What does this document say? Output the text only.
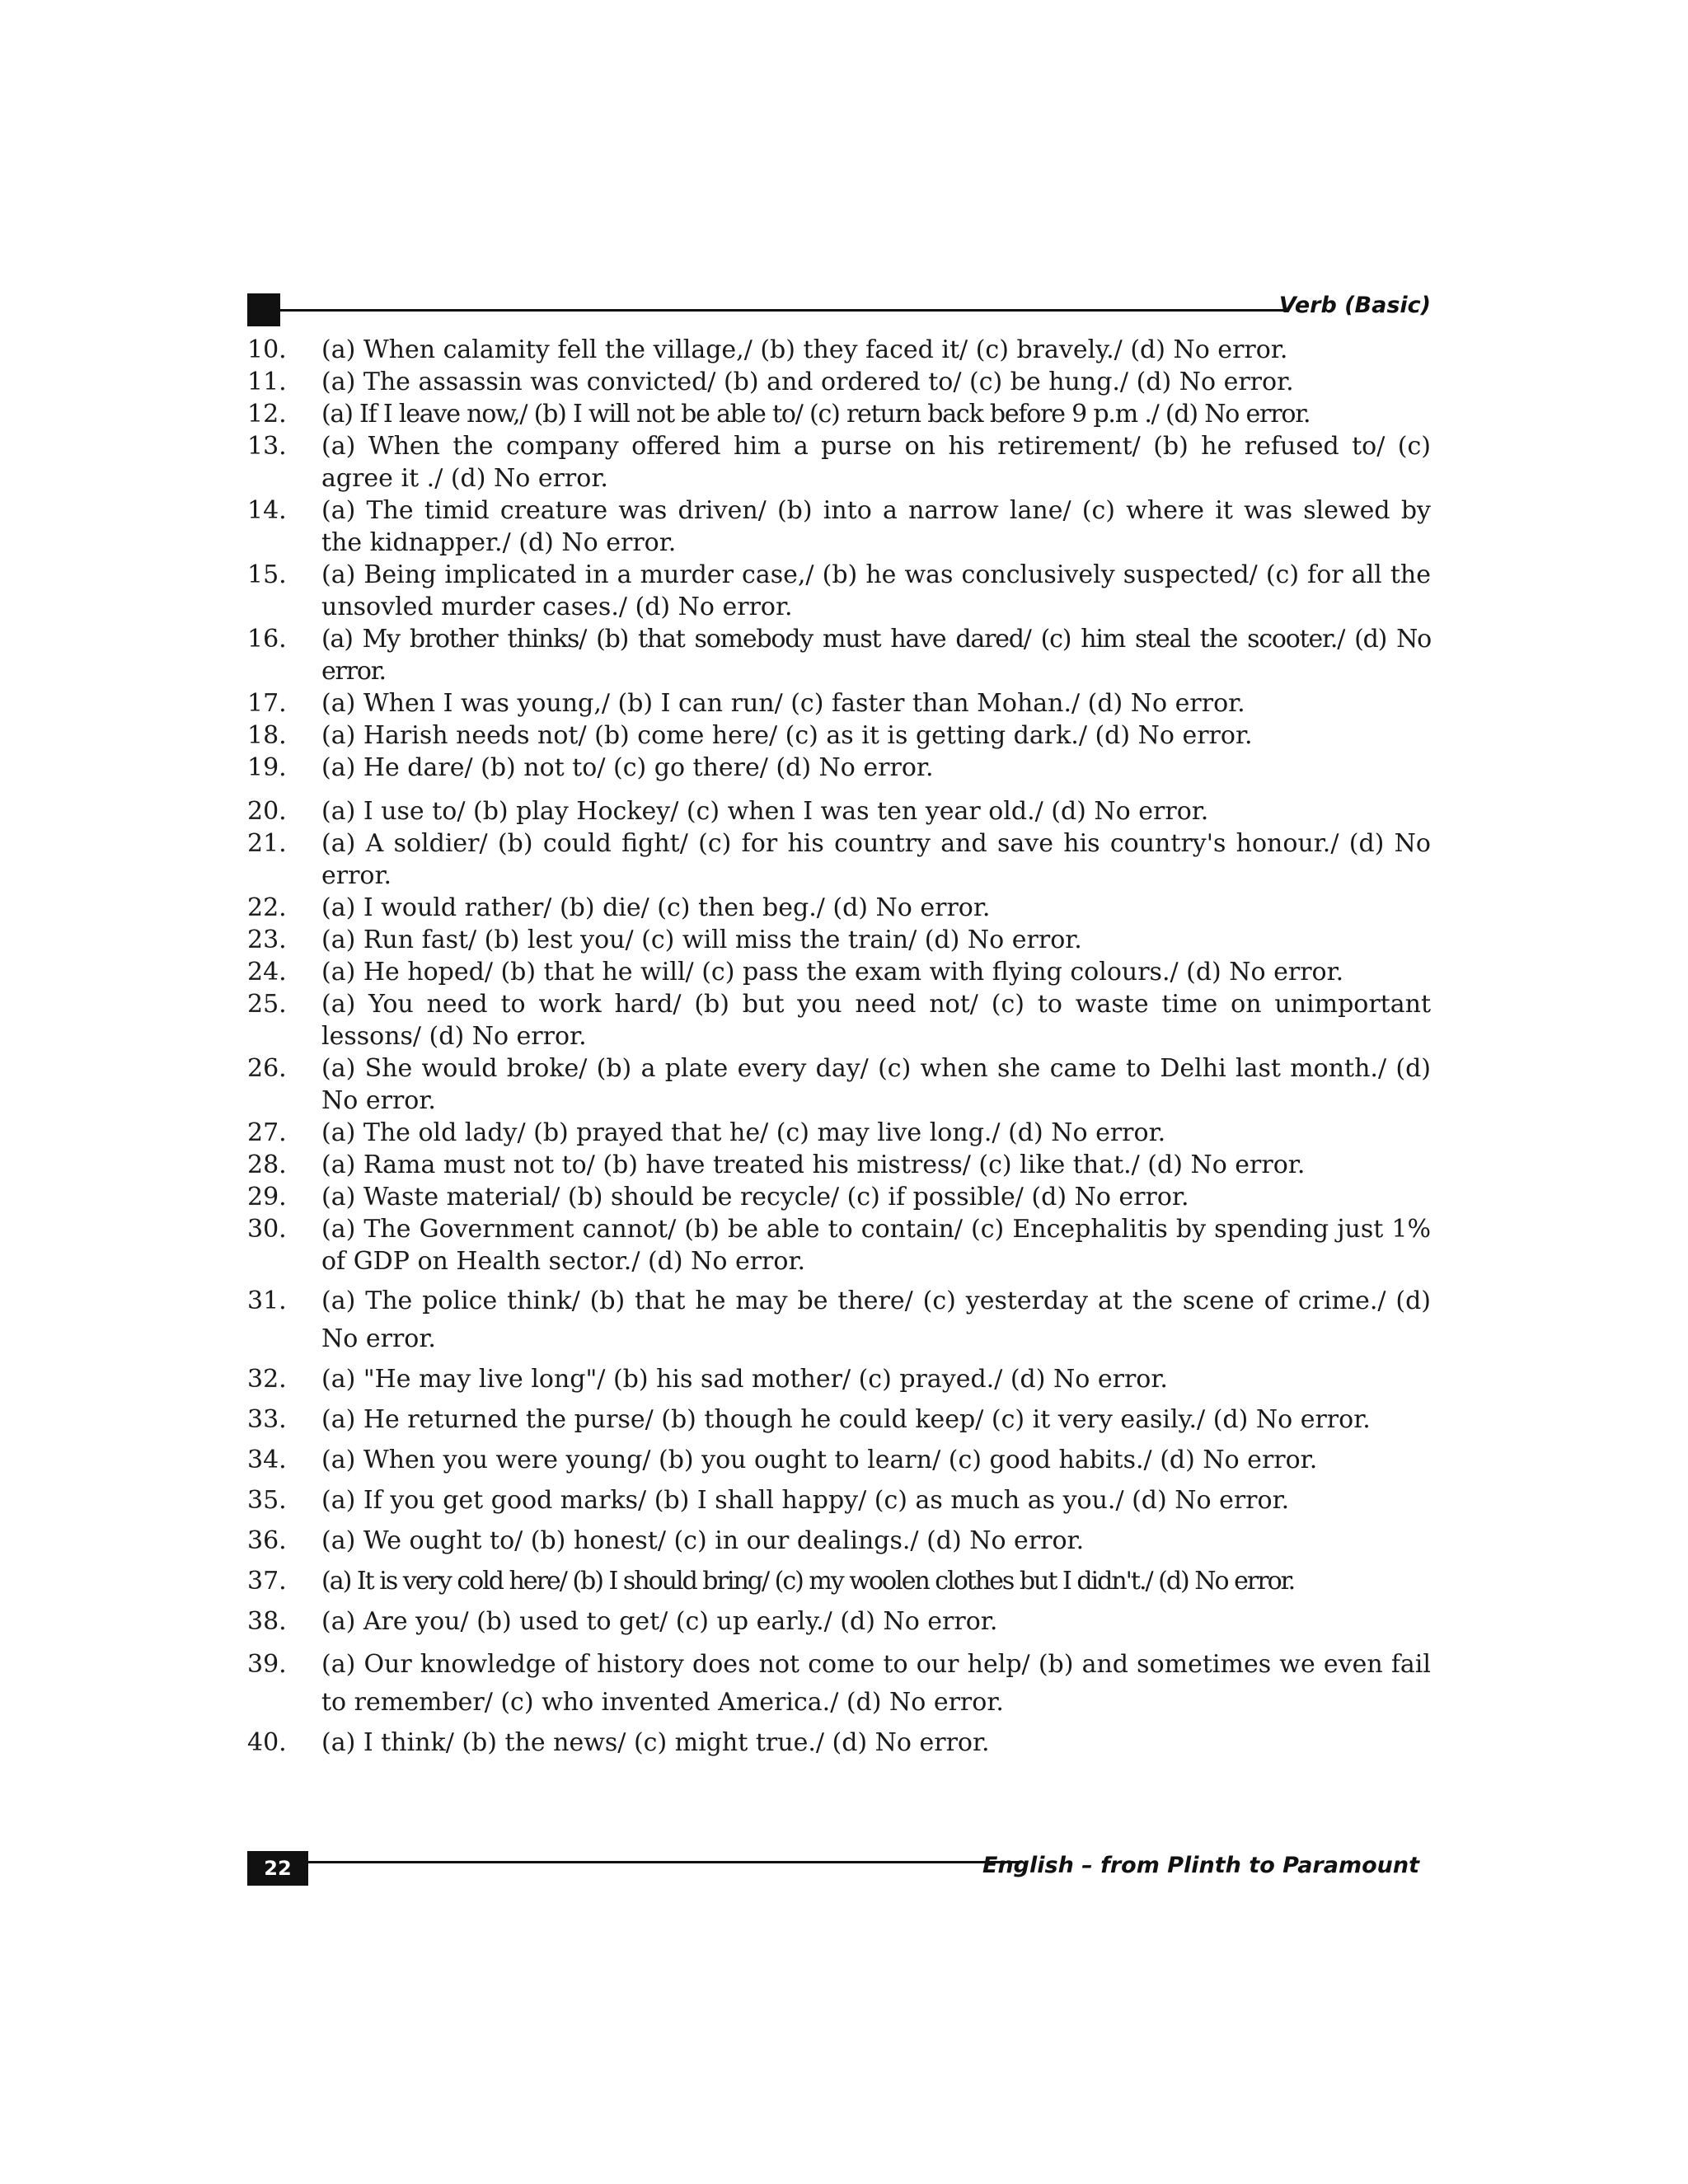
Verb (Basic)
10.	(a) When calamity fell the village,/ (b) they faced it/ (c) bravely./ (d) No error.
11.	(a) The assassin was convicted/ (b) and ordered to/ (c) be hung./ (d) No error.
12.	(a) If I leave now,/ (b) I will not be able to/ (c) return back before 9 p.m ./ (d) No error.
13.	(a) When the company offered him a purse on his retirement/ (b) he refused to/ (c) agree it ./ (d) No error.
14.	(a) The timid creature was driven/ (b) into a narrow lane/ (c) where it was slewed by the kidnapper./ (d) No error.
15.	(a) Being implicated in a murder case,/ (b) he was conclusively suspected/ (c) for all the unsovled murder cases./ (d) No error.
16.	(a) My brother thinks/ (b) that somebody must have dared/ (c) him steal the scooter./ (d) No error.
17.	(a) When I was young,/ (b) I can run/ (c) faster than Mohan./ (d) No error.
18.	(a) Harish needs not/ (b) come here/ (c) as it is getting dark./ (d) No error.
19.	(a) He dare/ (b) not to/ (c) go there/ (d) No error.
20.	(a) I use to/ (b) play Hockey/ (c) when I was ten year old./ (d) No error.
21.	(a) A soldier/ (b) could fight/ (c) for his country and save his country's honour./ (d) No error.
22.	(a) I would rather/ (b) die/ (c) then beg./ (d) No error.
23.	(a) Run fast/ (b) lest you/ (c) will miss the train/ (d) No error.
24.	(a) He hoped/ (b) that he will/ (c) pass the exam with flying colours./ (d) No error.
25.	(a) You need to work hard/ (b) but you need not/ (c) to waste time on unimportant lessons/ (d) No error.
26.	(a) She would broke/ (b) a plate every day/ (c) when she came to Delhi last month./ (d) No error.
27.	(a) The old lady/ (b) prayed that he/ (c) may live long./ (d) No error.
28.	(a) Rama must not to/ (b) have treated his mistress/ (c) like that./ (d) No error.
29.	(a) Waste material/ (b) should be recycle/ (c) if possible/ (d) No error.
30.	(a) The Government cannot/ (b) be able to contain/ (c) Encephalitis by spending just 1% of GDP on Health sector./ (d) No error.
31.	(a) The police think/ (b) that he may be there/ (c) yesterday at the scene of crime./ (d) No error.
32.	(a) "He may live long"/ (b) his sad mother/ (c) prayed./ (d) No error.
33.	(a) He returned the purse/ (b) though he could keep/ (c) it very easily./ (d) No error.
34.	(a) When you were young/ (b) you ought to learn/ (c) good habits./ (d) No error.
35.	(a) If you get good marks/ (b) I shall happy/ (c) as much as you./ (d) No error.
36.	(a) We ought to/ (b) honest/ (c) in our dealings./ (d) No error.
37.	(a) It is very cold here/ (b) I should bring/ (c) my woolen clothes but I didn't./ (d) No error.
38.	(a) Are you/ (b) used to get/ (c) up early./ (d) No error.
39.	(a) Our knowledge of history does not come to our help/ (b) and sometimes we even fail to remember/ (c) who invented America./ (d) No error.
40.	(a) I think/ (b) the news/ (c) might true./ (d) No error.
22	English – from Plinth to Paramount
